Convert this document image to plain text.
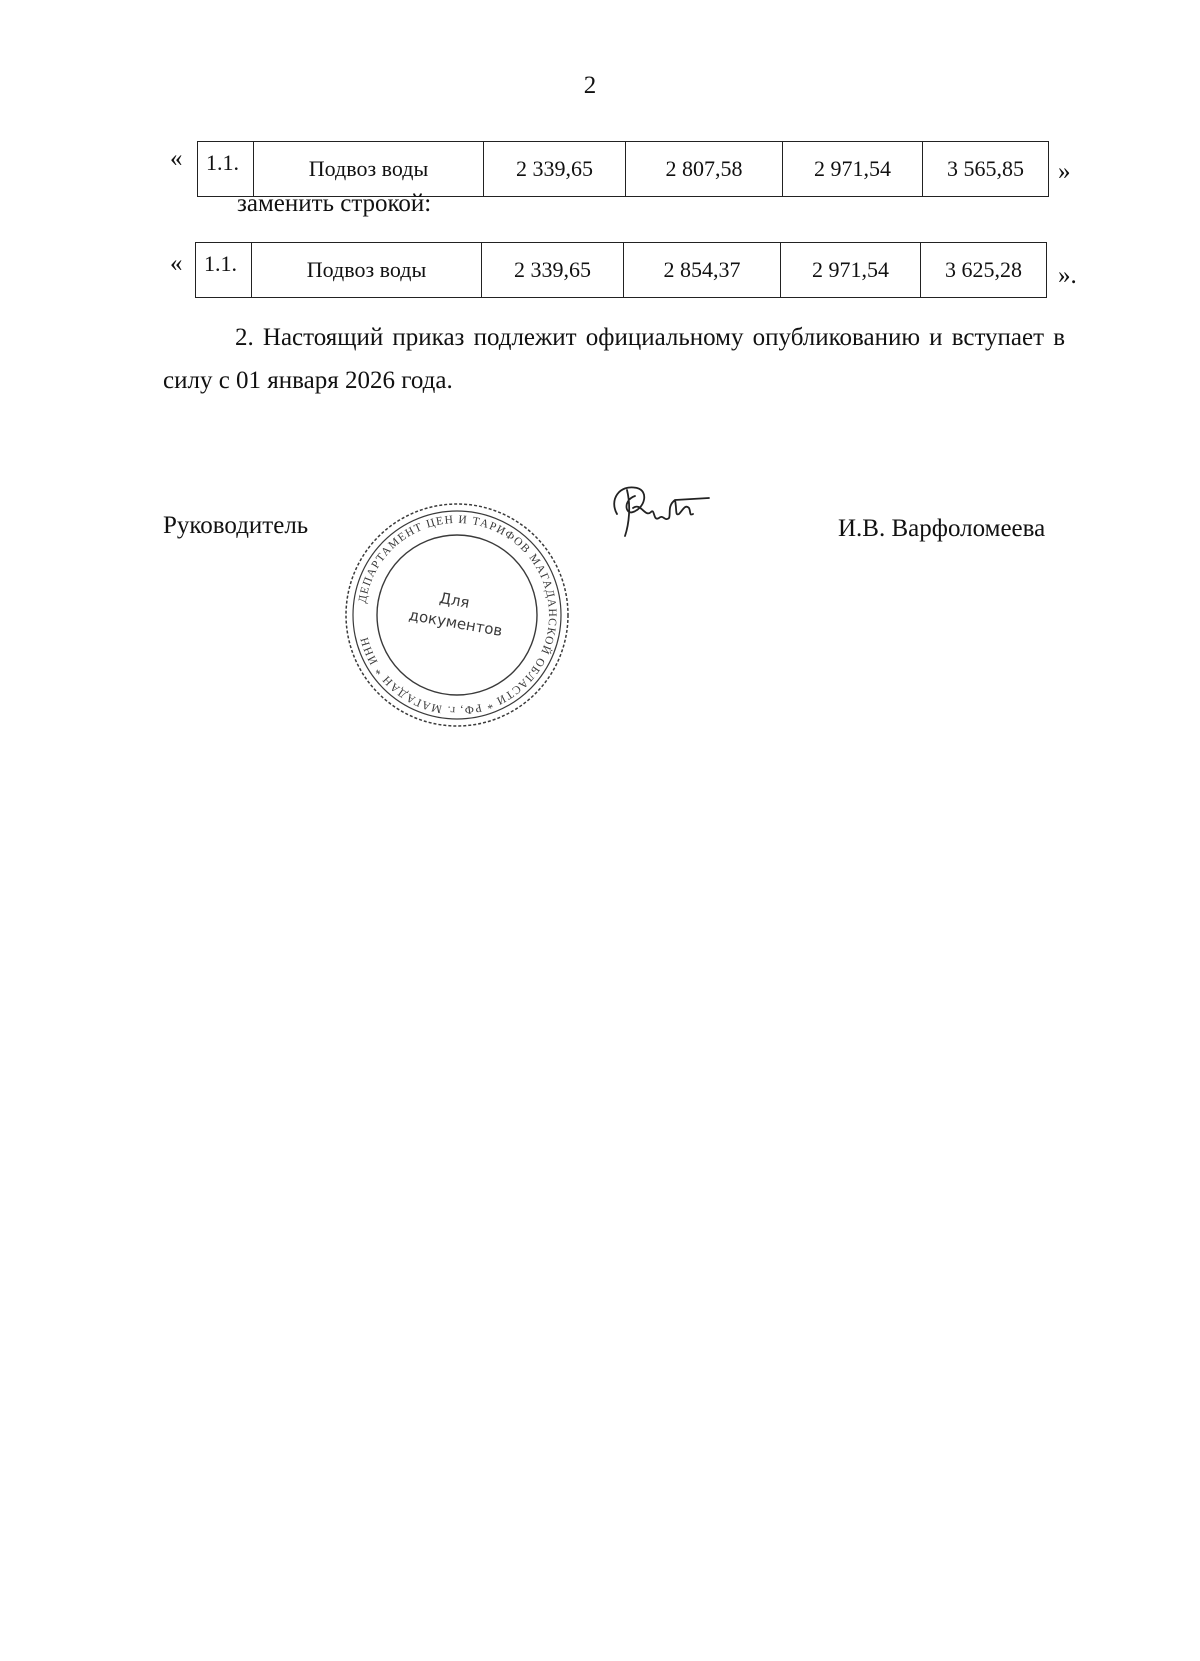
2
« 1.1.	Подвоз воды	2 339,65	2 807,58	2 971,54	3 565,85 »
заменить строкой:
« 1.1.	Подвоз воды	2 339,65	2 854,37	2 971,54	3 625,28 ».
2. Настоящий приказ подлежит официальному опубликованию и вступает в силу с 01 января 2026 года.
Руководитель
ДЕПАРТАМЕНТ ЦЕН И ТАРИФОВ МАГАДАНСКОЙ ОБЛАСТИ * РФ, г. МАГАДАН * ИНН
Для
документов
И.В. Варфоломеева
